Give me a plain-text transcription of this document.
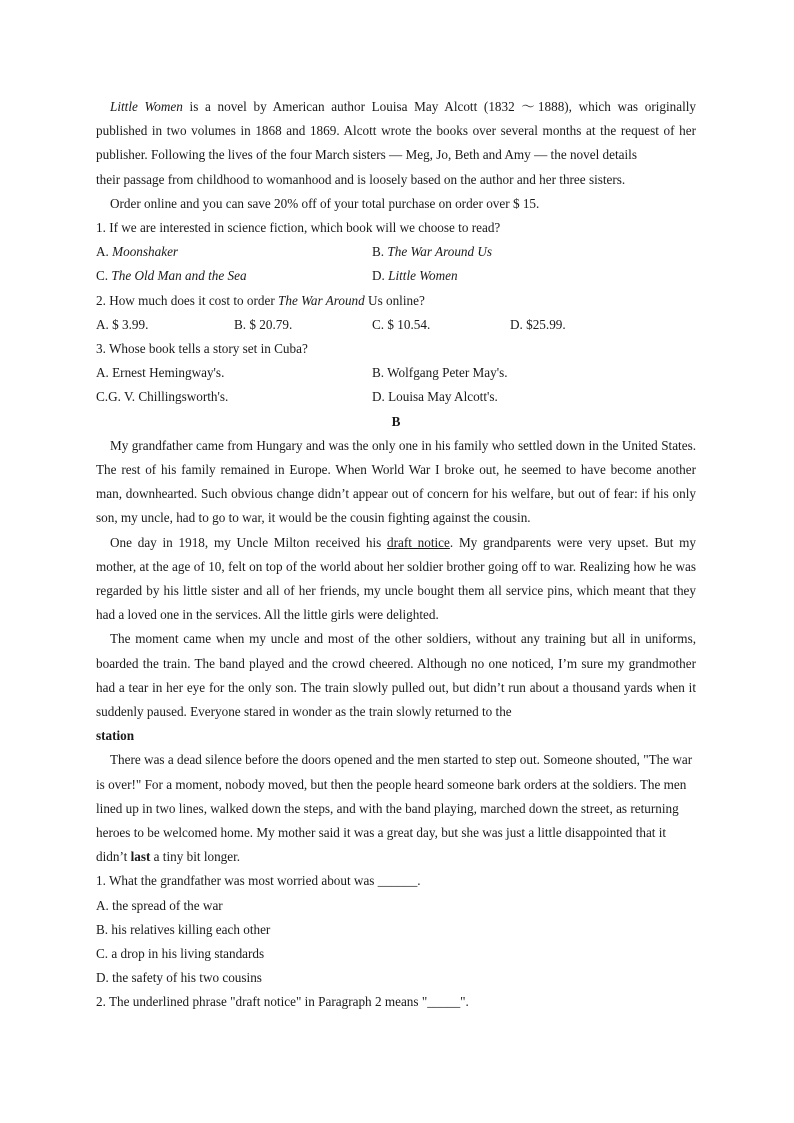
Little Women is a novel by American author Louisa May Alcott (1832 ～1888), which was originally published in two volumes in 1868 and 1869. Alcott wrote the books over several months at the request of her publisher. Following the lives of the four March sisters — Meg, Jo, Beth and Amy — the novel details

their passage from childhood to womanhood and is loosely based on the author and her three sisters.

Order online and you can save 20% off of your total purchase on order over $ 15.

1. If we are interested in science fiction, which book will we choose to read?

A. Moonshaker	B. The War Around Us
C. The Old Man and the Sea	D. Little Women

2. How much does it cost to order The War Around Us online?

A. $ 3.99.	B. $ 20.79.	C. $ 10.54.	D. $25.99.

3. Whose book tells a story set in Cuba?

A. Ernest Hemingway's.	B. Wolfgang Peter May's.
C.G. V. Chillingsworth's.	D. Louisa May Alcott's.
B

My grandfather came from Hungary and was the only one in his family who settled down in the United States. The rest of his family remained in Europe. When World War I broke out, he seemed to have become another man, downhearted. Such obvious change didn’t appear out of concern for his welfare, but out of fear: if his only son, my uncle, had to go to war, it would be the cousin fighting against the cousin.

One day in 1918, my Uncle Milton received his draft notice. My grandparents were very upset. But my mother, at the age of 10, felt on top of the world about her soldier brother going off to war. Realizing how he was regarded by his little sister and all of her friends, my uncle bought them all service pins, which meant that they had a loved one in the services. All the little girls were delighted.

The moment came when my uncle and most of the other soldiers, without any training but all in uniforms, boarded the train. The band played and the crowd cheered. Although no one noticed, I’m sure my grandmother had a tear in her eye for the only son. The train slowly pulled out, but didn’t run about a thousand yards when it suddenly paused. Everyone stared in wonder as the train slowly returned to the

station

There was a dead silence before the doors opened and the men started to step out. Someone shouted, "The war is over!" For a moment, nobody moved, but then the people heard someone bark orders at the soldiers. The men lined up in two lines, walked down the steps, and with the band playing, marched down the street, as returning heroes to be welcomed home. My mother said it was a great day, but she was just a little disappointed that it didn’t last a tiny bit longer.

1. What the grandfather was most worried about was ______.

A. the spread of the war

B. his relatives killing each other

C. a drop in his living standards

D. the safety of his two cousins

2. The underlined phrase "draft notice" in Paragraph 2 means "_____".
